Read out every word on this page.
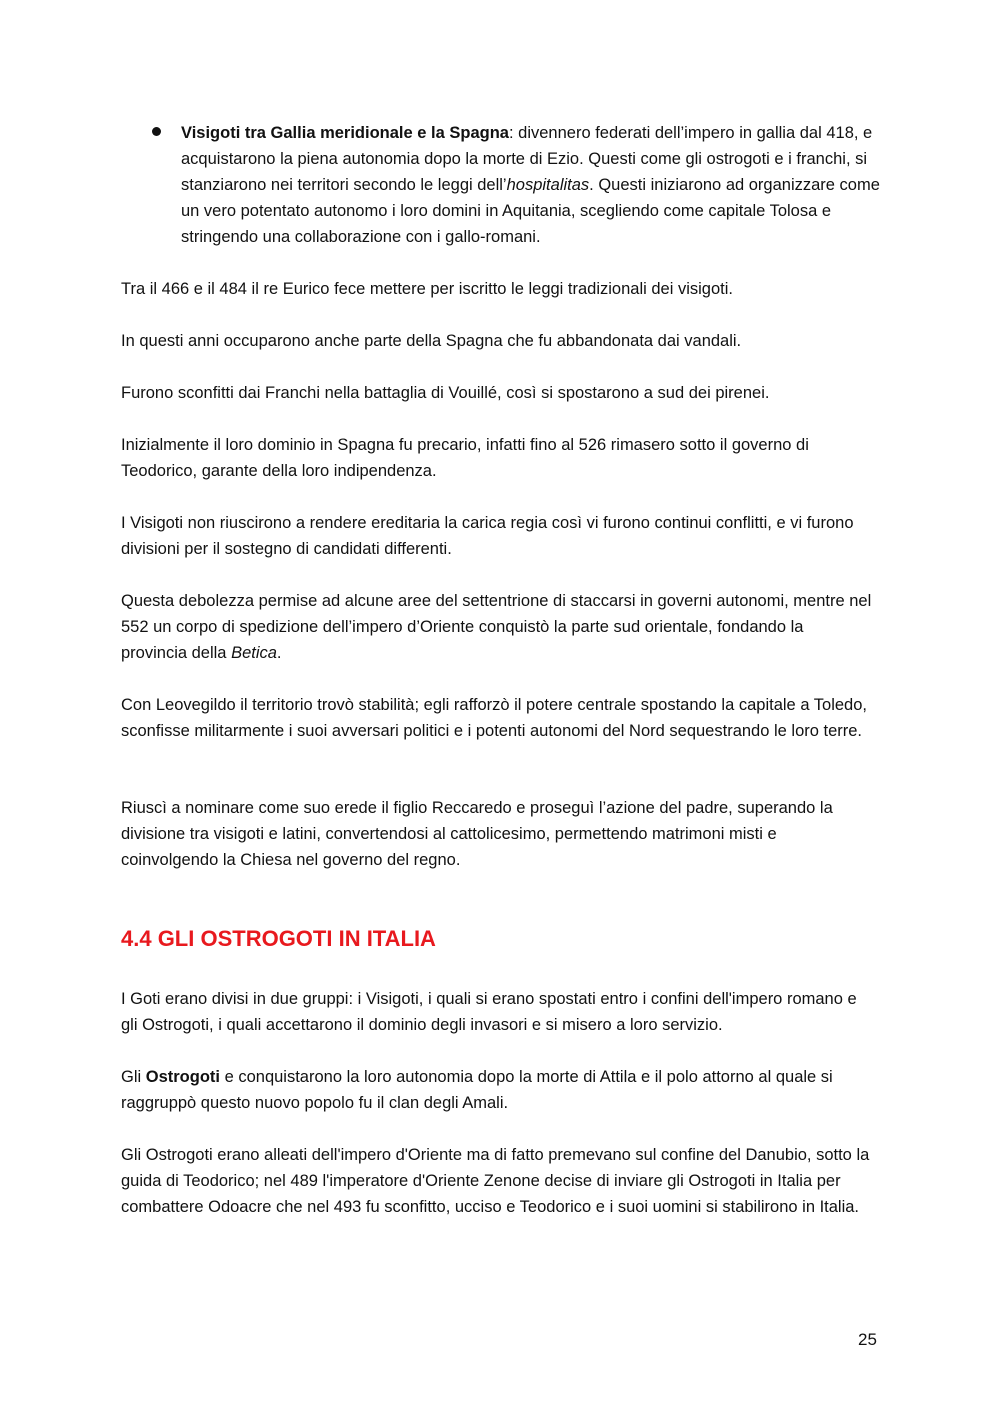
Visigoti tra Gallia meridionale e la Spagna: divennero federati dell’impero in gallia dal 418, e acquistarono la piena autonomia dopo la morte di Ezio. Questi come gli ostrogoti e i franchi, si stanziarono nei territori secondo le leggi dell’hospitalitas. Questi iniziarono ad organizzare come un vero potentato autonomo i loro domini in Aquitania, scegliendo come capitale Tolosa e stringendo una collaborazione con i gallo-romani.

Tra il 466 e il 484 il re Eurico fece mettere per iscritto le leggi tradizionali dei visigoti.

In questi anni occuparono anche parte della Spagna che fu abbandonata dai vandali.

Furono sconfitti dai Franchi nella battaglia di Vouillé, così si spostarono a sud dei pirenei.

Inizialmente il loro dominio in Spagna fu precario, infatti fino al 526 rimasero sotto il governo di Teodorico, garante della loro indipendenza.

I Visigoti non riuscirono a rendere ereditaria la carica regia così vi furono continui conflitti, e vi furono divisioni per il sostegno di candidati differenti.

Questa debolezza permise ad alcune aree del settentrione di staccarsi in governi autonomi, mentre nel 552 un corpo di spedizione dell’impero d’Oriente conquistò la parte sud orientale, fondando la provincia della Betica.

Con Leovegildo il territorio trovò stabilità; egli rafforzò il potere centrale spostando la capitale a Toledo, sconfisse militarmente i suoi avversari politici e i potenti autonomi del Nord sequestrando le loro terre.

Riuscì a nominare come suo erede il figlio Reccaredo e proseguì l’azione del padre, superando la divisione tra visigoti e latini, convertendosi al cattolicesimo, permettendo matrimoni misti e coinvolgendo la Chiesa nel governo del regno.

4.4 GLI OSTROGOTI IN ITALIA

I Goti erano divisi in due gruppi: i Visigoti, i quali si erano spostati entro i confini dell'impero romano e gli Ostrogoti, i quali accettarono il dominio degli invasori e si misero a loro servizio.

Gli Ostrogoti e conquistarono la loro autonomia dopo la morte di Attila e il polo attorno al quale si raggruppò questo nuovo popolo fu il clan degli Amali.

Gli Ostrogoti erano alleati dell'impero d'Oriente ma di fatto premevano sul confine del Danubio, sotto la guida di Teodorico; nel 489 l'imperatore d'Oriente Zenone decise di inviare gli Ostrogoti in Italia per combattere Odoacre che nel 493 fu sconfitto, ucciso e Teodorico e i suoi uomini si stabilirono in Italia.

25
